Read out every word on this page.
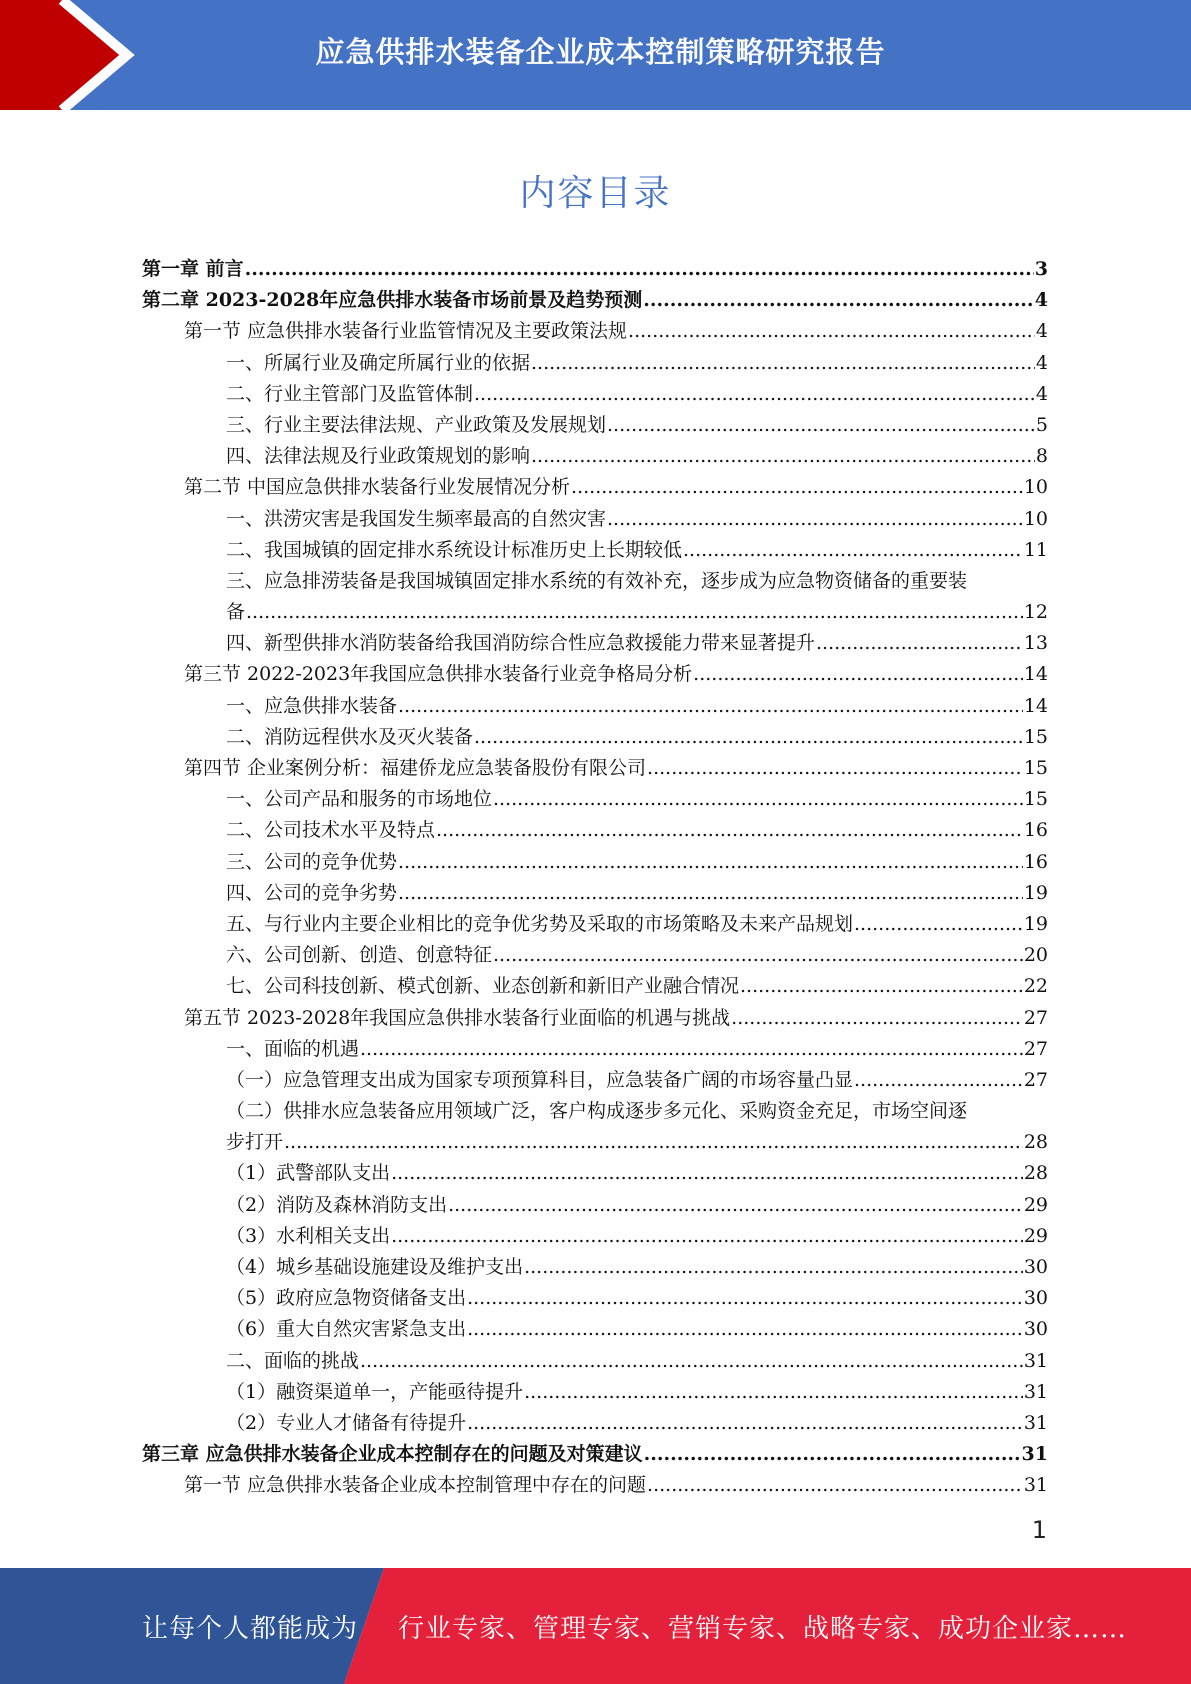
应急供排水装备企业成本控制策略研究报告
内容目录
第一章 前言 .....	3
第二章 2023-2028年应急供排水装备市场前景及趋势预测 .....	4
第一节 应急供排水装备行业监管情况及主要政策法规 .....	4
一、所属行业及确定所属行业的依据 .....	4
二、行业主管部门及监管体制 .....	4
三、行业主要法律法规、产业政策及发展规划 .....	5
四、法律法规及行业政策规划的影响 .....	8
第二节 中国应急供排水装备行业发展情况分析 .....	10
一、洪涝灾害是我国发生频率最高的自然灾害 .....	10
二、我国城镇的固定排水系统设计标准历史上长期较低 .....	11
三、应急排涝装备是我国城镇固定排水系统的有效补充，逐步成为应急物资储备的重要装
备 .....	12
四、新型供排水消防装备给我国消防综合性应急救援能力带来显著提升 .....	13
第三节 2022-2023年我国应急供排水装备行业竞争格局分析 .....	14
一、应急供排水装备 .....	14
二、消防远程供水及灭火装备 .....	15
第四节 企业案例分析：福建侨龙应急装备股份有限公司 .....	15
一、公司产品和服务的市场地位 .....	15
二、公司技术水平及特点 .....	16
三、公司的竞争优势 .....	16
四、公司的竞争劣势 .....	19
五、与行业内主要企业相比的竞争优劣势及采取的市场策略及未来产品规划 .....	19
六、公司创新、创造、创意特征 .....	20
七、公司科技创新、模式创新、业态创新和新旧产业融合情况 .....	22
第五节 2023-2028年我国应急供排水装备行业面临的机遇与挑战 .....	27
一、面临的机遇 .....	27
（一）应急管理支出成为国家专项预算科目，应急装备广阔的市场容量凸显 .....	27
（二）供排水应急装备应用领域广泛，客户构成逐步多元化、采购资金充足，市场空间逐
步打开 .....	28
（1）武警部队支出 .....	28
（2）消防及森林消防支出 .....	29
（3）水利相关支出 .....	29
（4）城乡基础设施建设及维护支出 .....	30
（5）政府应急物资储备支出 .....	30
（6）重大自然灾害紧急支出 .....	30
二、面临的挑战 .....	31
（1）融资渠道单一，产能亟待提升 .....	31
（2）专业人才储备有待提升 .....	31
第三章 应急供排水装备企业成本控制存在的问题及对策建议 .....	31
第一节 应急供排水装备企业成本控制管理中存在的问题 .....	31
1
让每个人都能成为 行业专家、管理专家、营销专家、战略专家、成功企业家……
